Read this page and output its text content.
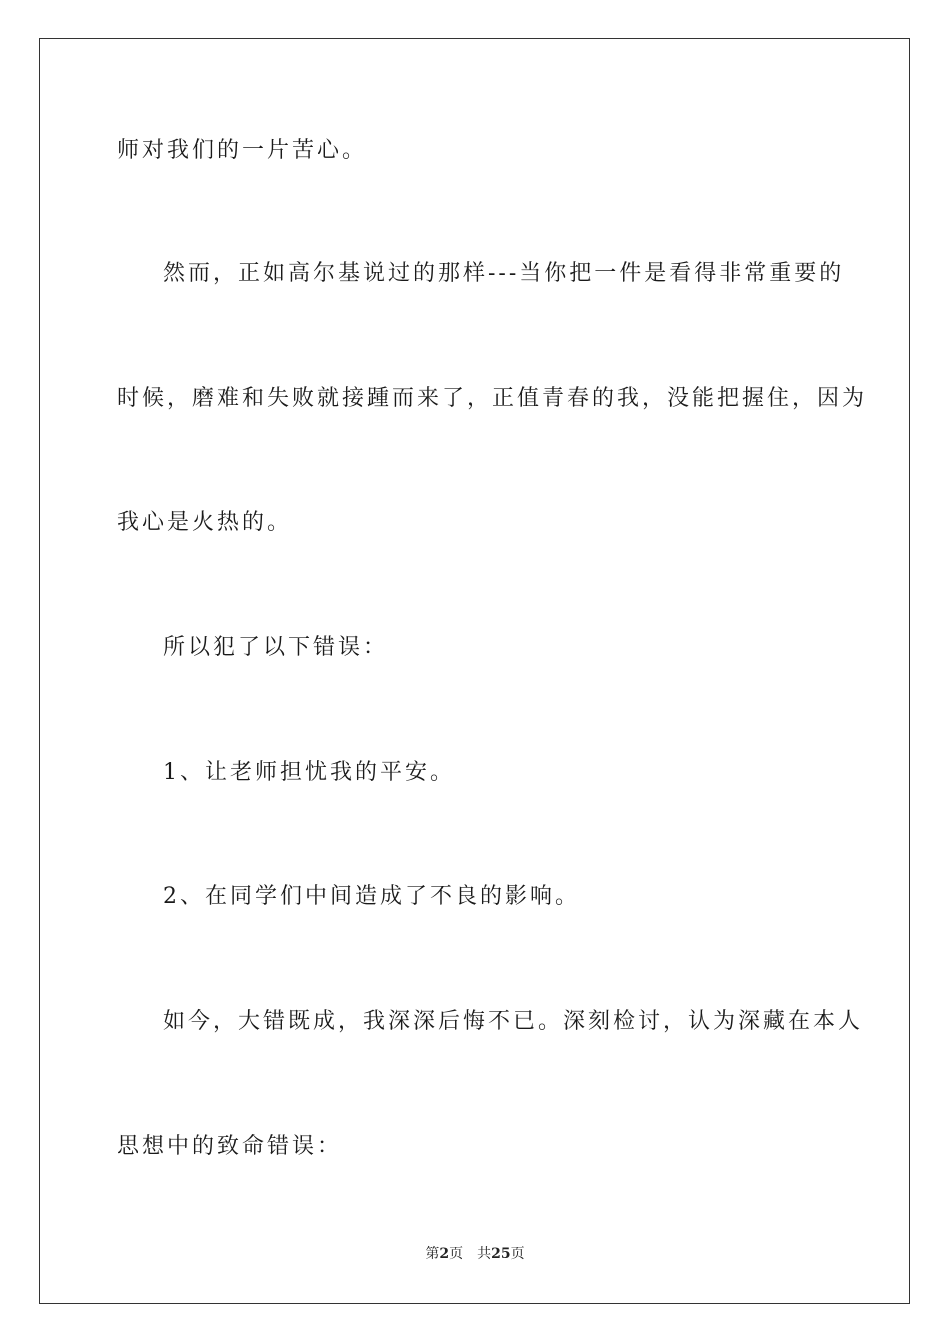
师对我们的一片苦心。
然而，正如高尔基说过的那样---当你把一件是看得非常重要的
时候，磨难和失败就接踵而来了，正值青春的我，没能把握住，因为
我心是火热的。
所以犯了以下错误：
1、让老师担忧我的平安。
2、在同学们中间造成了不良的影响。
如今，大错既成，我深深后悔不已。深刻检讨，认为深藏在本人
思想中的致命错误：
第2页 共25页
